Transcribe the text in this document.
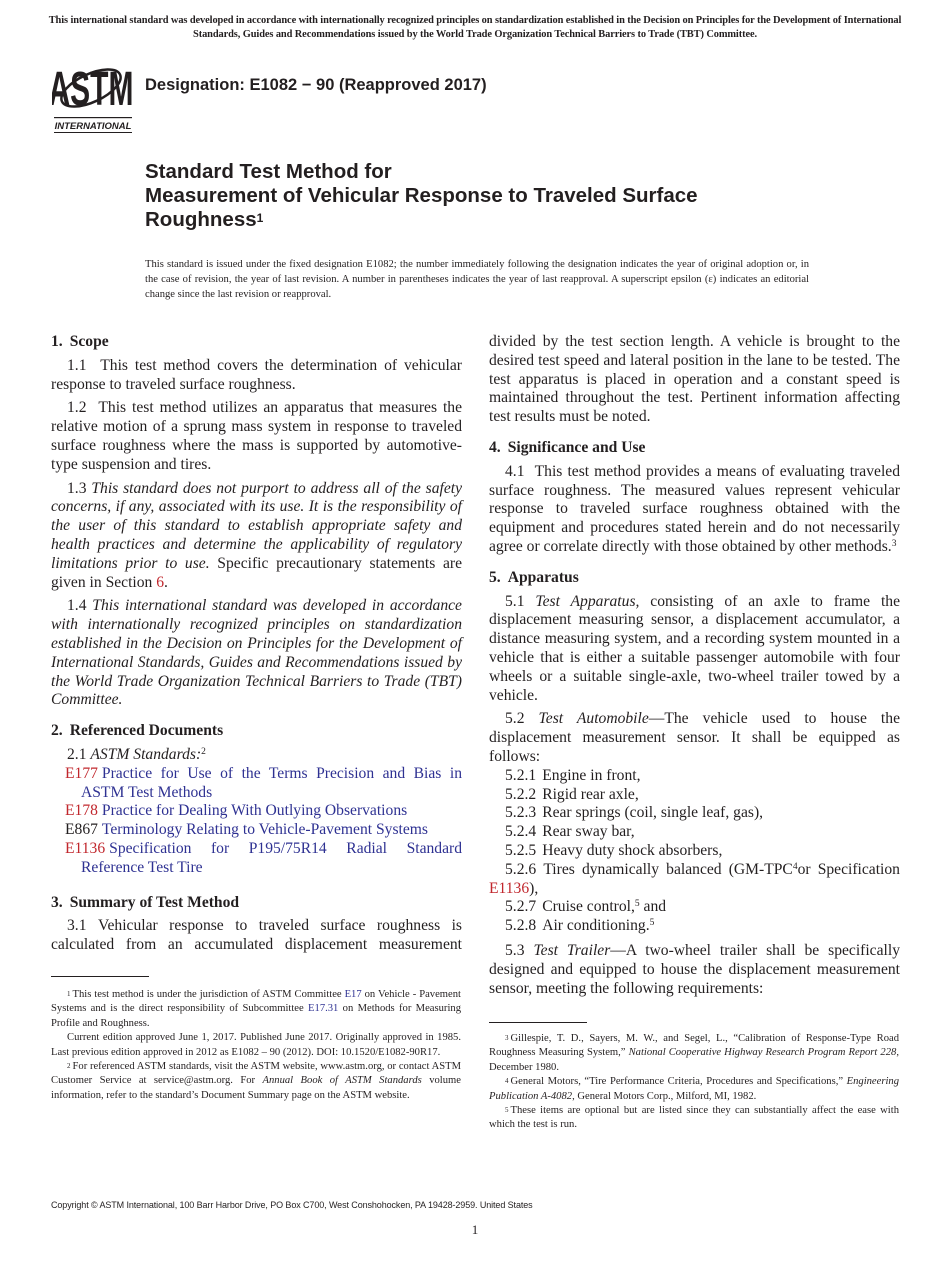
This international standard was developed in accordance with internationally recognized principles on standardization established in the Decision on Principles for the Development of International Standards, Guides and Recommendations issued by the World Trade Organization Technical Barriers to Trade (TBT) Committee.
ASTM
INTERNATIONAL
Designation: E1082 − 90 (Reapproved 2017)
Standard Test Method for
Measurement of Vehicular Response to Traveled Surface
Roughness$^1$
This standard is issued under the fixed designation E1082; the number immediately following the designation indicates the year of original adoption or, in the case of revision, the year of last revision. A number in parentheses indicates the year of last reapproval. A superscript epsilon (ε) indicates an editorial change since the last revision or reapproval.
1. Scope
1.1 This test method covers the determination of vehicular response to traveled surface roughness.
1.2 This test method utilizes an apparatus that measures the relative motion of a sprung mass system in response to traveled surface roughness where the mass is supported by automotive-type suspension and tires.
1.3 This standard does not purport to address all of the safety concerns, if any, associated with its use. It is the responsibility of the user of this standard to establish appropriate safety and health practices and determine the applicability of regulatory limitations prior to use. Specific precautionary statements are given in Section 6.
1.4 This international standard was developed in accordance with internationally recognized principles on standardization established in the Decision on Principles for the Development of International Standards, Guides and Recommendations issued by the World Trade Organization Technical Barriers to Trade (TBT) Committee.
2. Referenced Documents
2.1 ASTM Standards:$^2$
E177 Practice for Use of the Terms Precision and Bias in ASTM Test Methods
E178 Practice for Dealing With Outlying Observations
E867 Terminology Relating to Vehicle-Pavement Systems
E1136 Specification for P195/75R14 Radial Standard Reference Test Tire
3. Summary of Test Method
3.1 Vehicular response to traveled surface roughness is calculated from an accumulated displacement measurement
$^1$ This test method is under the jurisdiction of ASTM Committee E17 on Vehicle - Pavement Systems and is the direct responsibility of Subcommittee E17.31 on Methods for Measuring Profile and Roughness.
Current edition approved June 1, 2017. Published June 2017. Originally approved in 1985. Last previous edition approved in 2012 as E1082 – 90 (2012). DOI: 10.1520/E1082-90R17.
$^2$ For referenced ASTM standards, visit the ASTM website, www.astm.org, or contact ASTM Customer Service at service@astm.org. For Annual Book of ASTM Standards volume information, refer to the standard’s Document Summary page on the ASTM website.
divided by the test section length. A vehicle is brought to the desired test speed and lateral position in the lane to be tested. The test apparatus is placed in operation and a constant speed is maintained throughout the test. Pertinent information affecting test results must be noted.
4. Significance and Use
4.1 This test method provides a means of evaluating traveled surface roughness. The measured values represent vehicular response to traveled surface roughness obtained with the equipment and procedures stated herein and do not necessarily agree or correlate directly with those obtained by other methods.$^3$
5. Apparatus
5.1 Test Apparatus, consisting of an axle to frame the displacement measuring sensor, a displacement accumulator, a distance measuring system, and a recording system mounted in a vehicle that is either a suitable passenger automobile with four wheels or a suitable single-axle, two-wheel trailer towed by a vehicle.
5.2 Test Automobile—The vehicle used to house the displacement measurement sensor. It shall be equipped as follows:
5.2.1 Engine in front,
5.2.2 Rigid rear axle,
5.2.3 Rear springs (coil, single leaf, gas),
5.2.4 Rear sway bar,
5.2.5 Heavy duty shock absorbers,
5.2.6 Tires dynamically balanced (GM-TPC$^4$or Specification E1136),
5.2.7 Cruise control,$^5$ and
5.2.8 Air conditioning.$^5$
5.3 Test Trailer—A two-wheel trailer shall be specifically designed and equipped to house the displacement measurement sensor, meeting the following requirements:
$^3$ Gillespie, T. D., Sayers, M. W., and Segel, L., “Calibration of Response-Type Road Roughness Measuring System,” National Cooperative Highway Research Program Report 228, December 1980.
$^4$ General Motors, “Tire Performance Criteria, Procedures and Specifications,” Engineering Publication A-4082, General Motors Corp., Milford, MI, 1982.
$^5$ These items are optional but are listed since they can substantially affect the ease with which the test is run.
Copyright © ASTM International, 100 Barr Harbor Drive, PO Box C700, West Conshohocken, PA 19428-2959. United States
1
